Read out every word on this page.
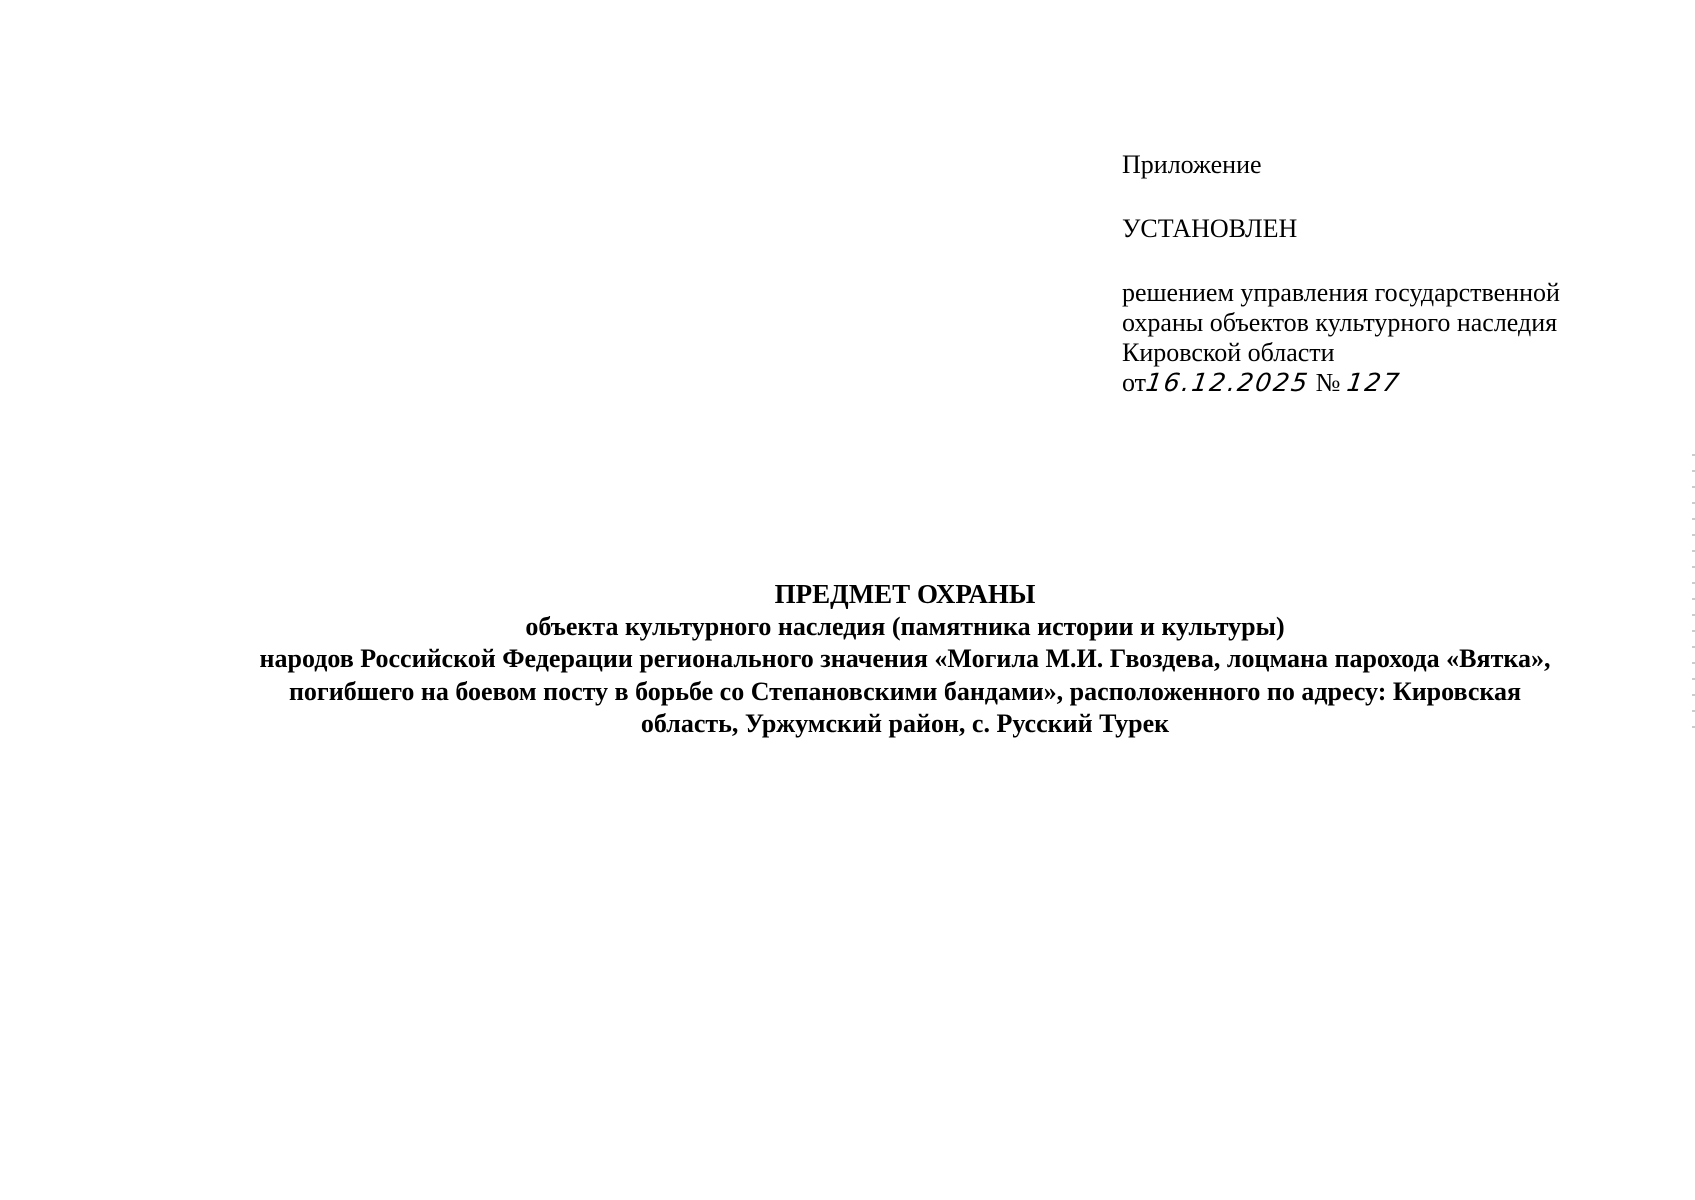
Приложение

УСТАНОВЛЕН

решением управления государственной

охраны объектов культурного наследия

Кировской области

от16.12.2025 № 127

ПРЕДМЕТ ОХРАНЫ
объекта культурного наследия (памятника истории и культуры)
народов Российской Федерации регионального значения «Могила М.И. Гвоздева, лоцмана парохода «Вятка»,
погибшего на боевом посту в борьбе со Степановскими бандами», расположенного по адресу: Кировская
область, Уржумский район, с. Русский Турек
